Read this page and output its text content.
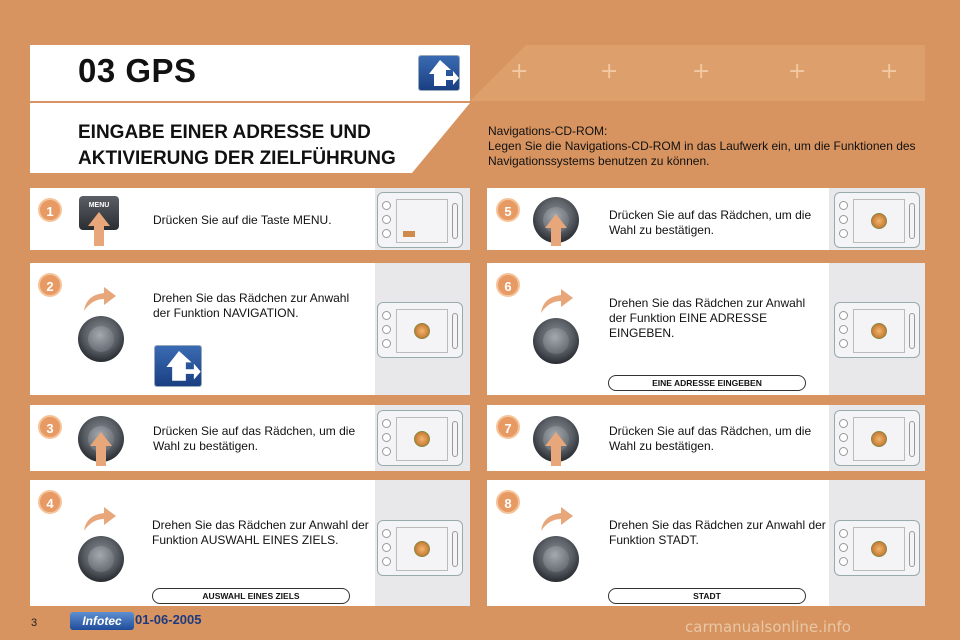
+	+	+	+	+
03 GPS
EINGABE EINER ADRESSE UND
AKTIVIERUNG DER ZIELFÜHRUNG
Navigations-CD-ROM:
Legen Sie die Navigations-CD-ROM in das Laufwerk ein, um die Funktionen des Navigationssystems benutzen zu können.
1	MENU
Drücken Sie auf die Taste MENU.
2
Drehen Sie das Rädchen zur Anwahl der Funktion NAVIGATION.
3	Drücken Sie auf das Rädchen, um die Wahl zu bestätigen.
4
Drehen Sie das Rädchen zur Anwahl der Funktion AUSWAHL EINES ZIELS.
AUSWAHL EINES ZIELS
5	Drücken Sie auf das Rädchen, um die Wahl zu bestätigen.
6
Drehen Sie das Rädchen zur Anwahl der Funktion EINE ADRESSE EINGEBEN.
EINE ADRESSE EINGEBEN
7	Drücken Sie auf das Rädchen, um die Wahl zu bestätigen.
8
Drehen Sie das Rädchen zur Anwahl der Funktion STADT.
STADT
3	Infotec	01-06-2005	carmanualsonline.info
